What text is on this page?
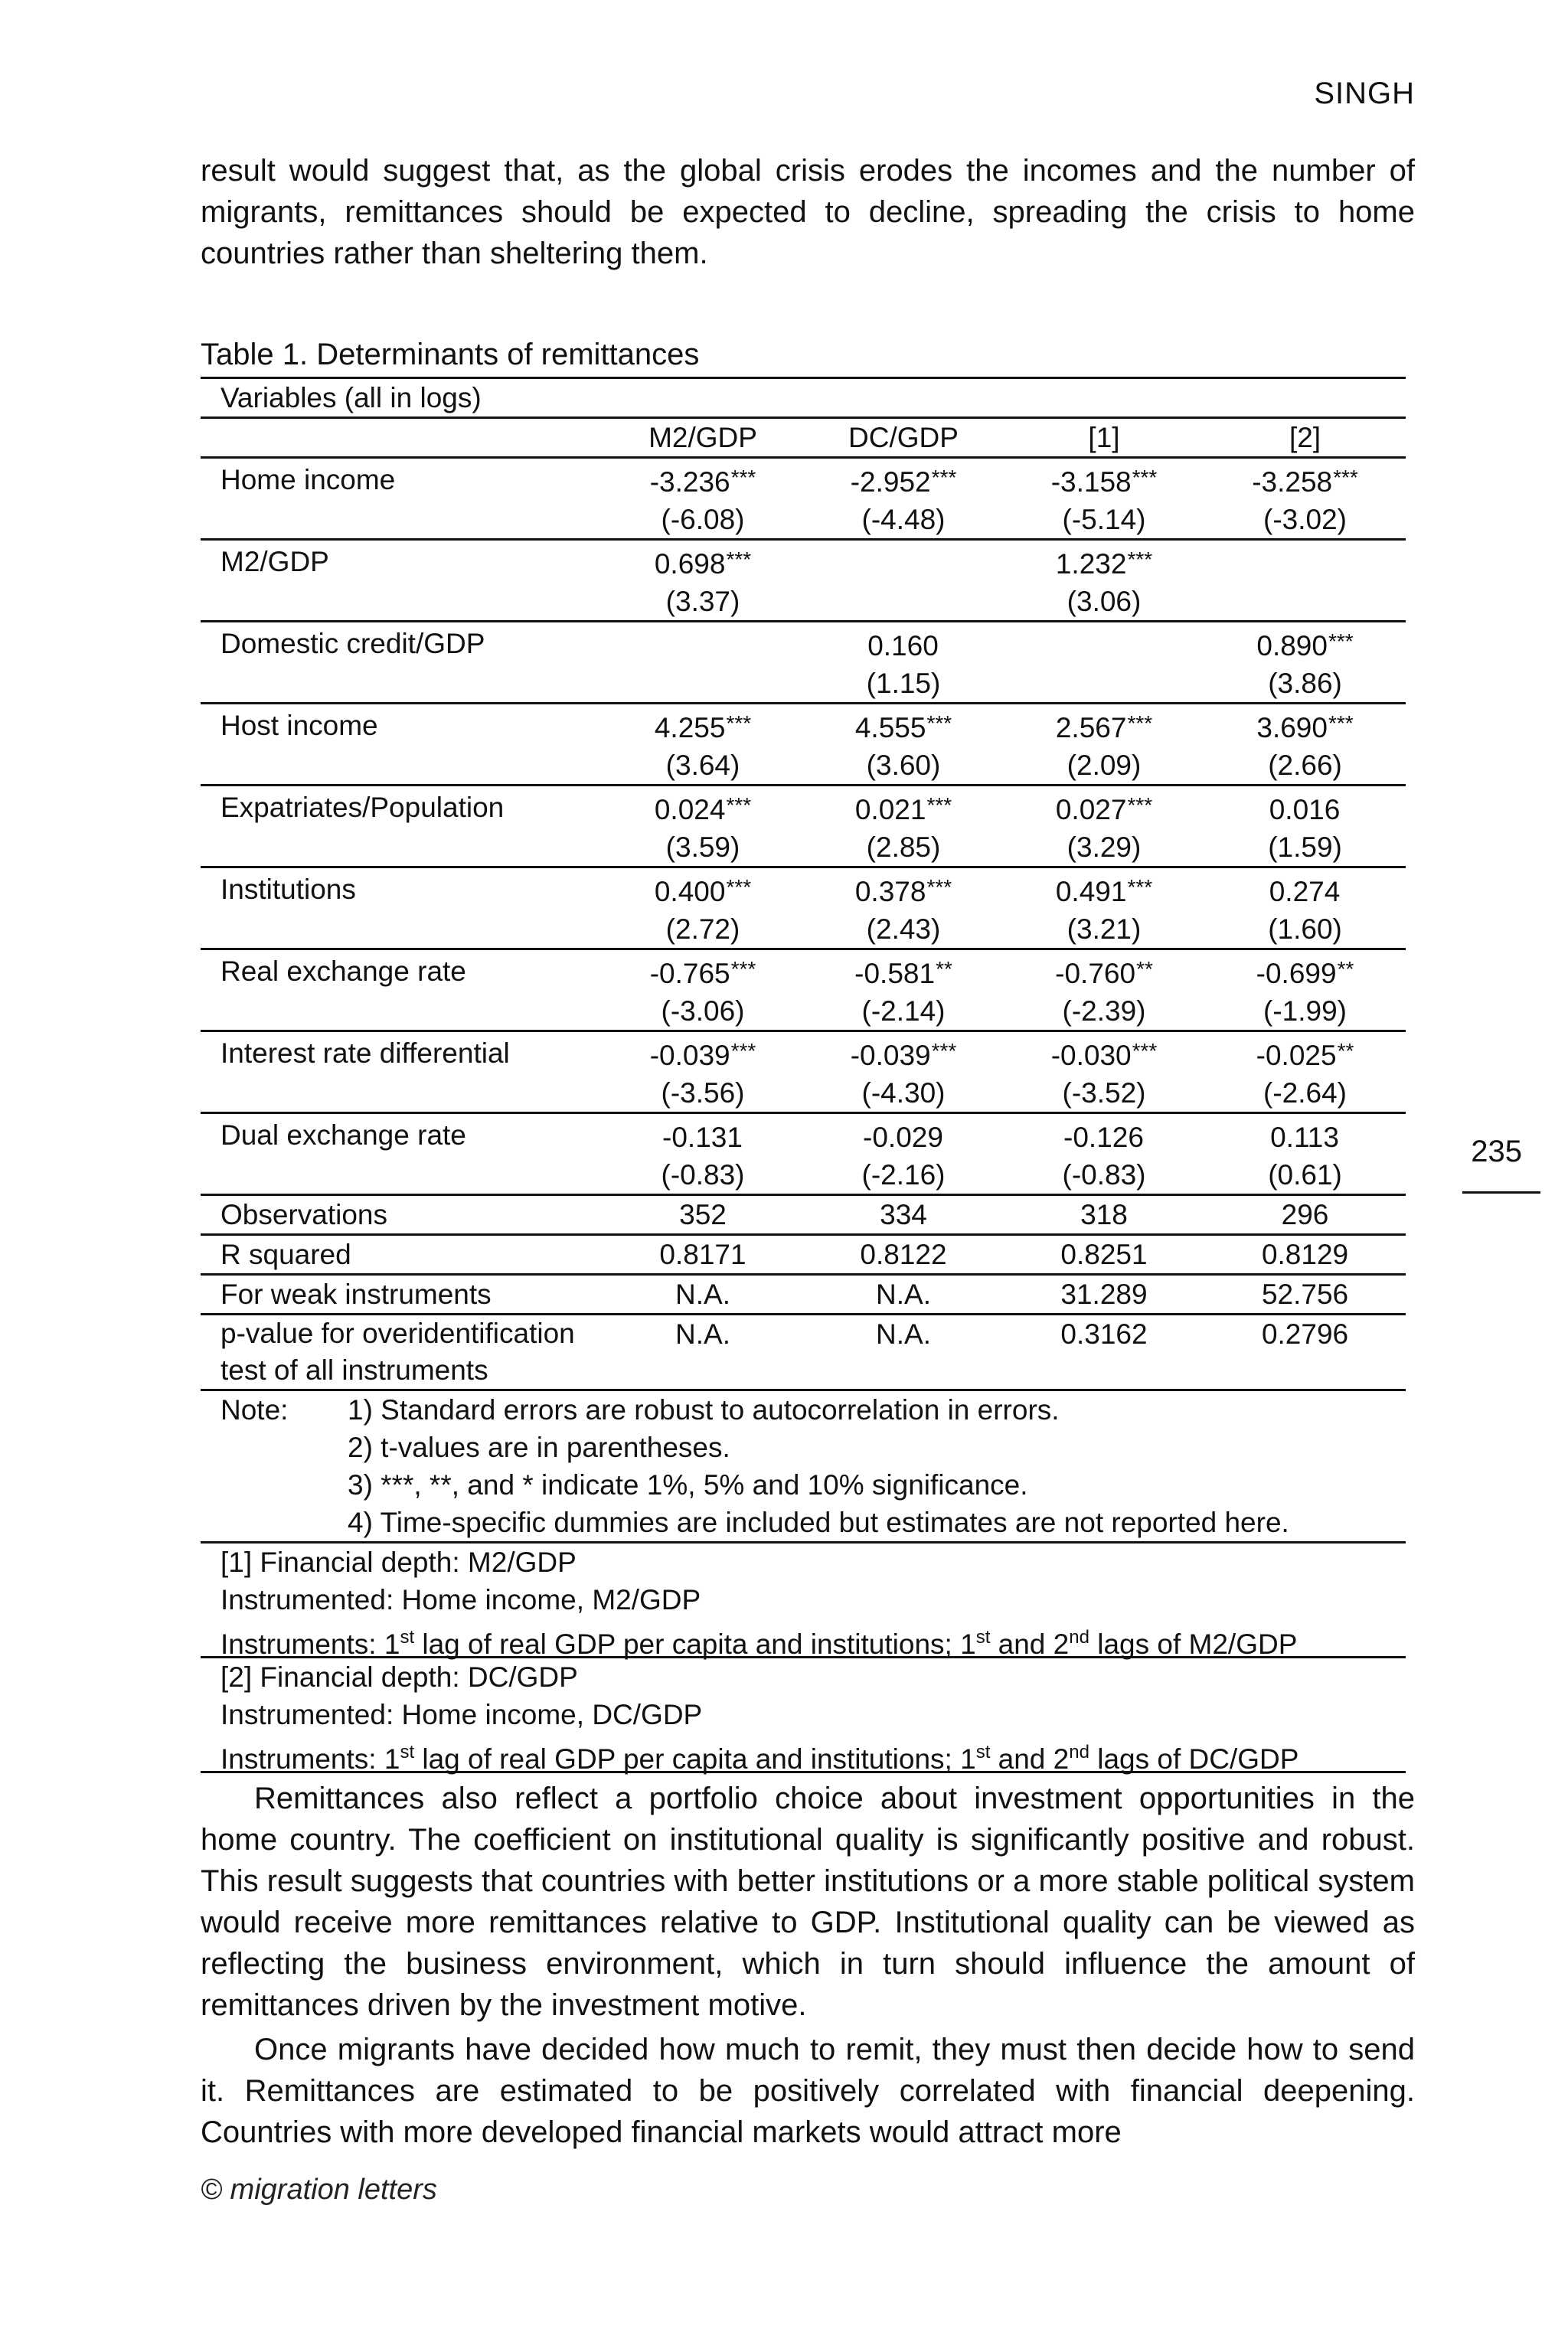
SINGH

result would suggest that, as the global crisis erodes the incomes and the number of migrants, remittances should be expected to decline, spreading the crisis to home countries rather than sheltering them.

Table 1. Determinants of remittances
Variables (all in logs)				
	M2/GDP	DC/GDP	[1]	[2]
Home income	-3.236***	-2.952***	-3.158***	-3.258***
	(-6.08)	(-4.48)	(-5.14)	(-3.02)
M2/GDP	0.698***		1.232***	
	(3.37)		(3.06)	
Domestic credit/GDP		0.160		0.890***
		(1.15)		(3.86)
Host income	4.255***	4.555***	2.567***	3.690***
	(3.64)	(3.60)	(2.09)	(2.66)
Expatriates/Population	0.024***	0.021***	0.027***	0.016
	(3.59)	(2.85)	(3.29)	(1.59)
Institutions	0.400***	0.378***	0.491***	0.274
	(2.72)	(2.43)	(3.21)	(1.60)
Real exchange rate	-0.765***	-0.581**	-0.760**	-0.699**
	(-3.06)	(-2.14)	(-2.39)	(-1.99)
Interest rate differential	-0.039***	-0.039***	-0.030***	-0.025**
	(-3.56)	(-4.30)	(-3.52)	(-2.64)
Dual exchange rate	-0.131	-0.029	-0.126	0.113
	(-0.83)	(-2.16)	(-0.83)	(0.61)
Observations	352	334	318	296
R squared	0.8171	0.8122	0.8251	0.8129
For weak instruments	N.A.	N.A.	31.289	52.756
p-value for overidentification test of all instruments	N.A.	N.A.	0.3162	0.2796

Note: 1) Standard errors are robust to autocorrelation in errors.
2) t-values are in parentheses.
3) ***, **, and * indicate 1%, 5% and 10% significance.
4) Time-specific dummies are included but estimates are not reported here.				

[1] Financial depth: M2/GDP
Instrumented: Home income, M2/GDP
Instruments: 1st lag of real GDP per capita and institutions; 1st and 2nd lags of M2/GDP				

[2] Financial depth: DC/GDP
Instrumented: Home income, DC/GDP
Instruments: 1st lag of real GDP per capita and institutions; 1st and 2nd lags of DC/GDP				
235

Remittances also reflect a portfolio choice about investment opportunities in the home country. The coefficient on institutional quality is significantly positive and robust. This result suggests that countries with better institutions or a more stable political system would receive more remittances relative to GDP. Institutional quality can be viewed as reflecting the business environment, which in turn should influence the amount of remittances driven by the investment motive.

Once migrants have decided how much to remit, they must then decide how to send it. Remittances are estimated to be positively correlated with financial deepening. Countries with more developed financial markets would attract more

© migration letters
